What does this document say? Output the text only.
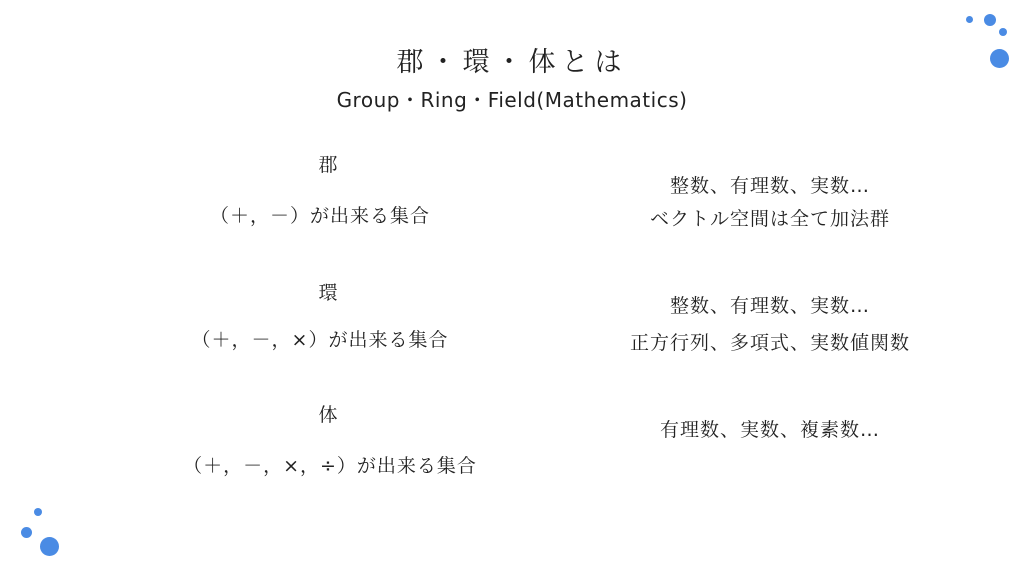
郡・環・体とは
Group・Ring・Field(Mathematics)
郡
（＋，－）が出来る集合
整数、有理数、実数…
ベクトル空間は全て加法群
環
（＋，－，×）が出来る集合
整数、有理数、実数…
正方行列、多項式、実数値関数
体
（＋，－，×，÷）が出来る集合
有理数、実数、複素数…
